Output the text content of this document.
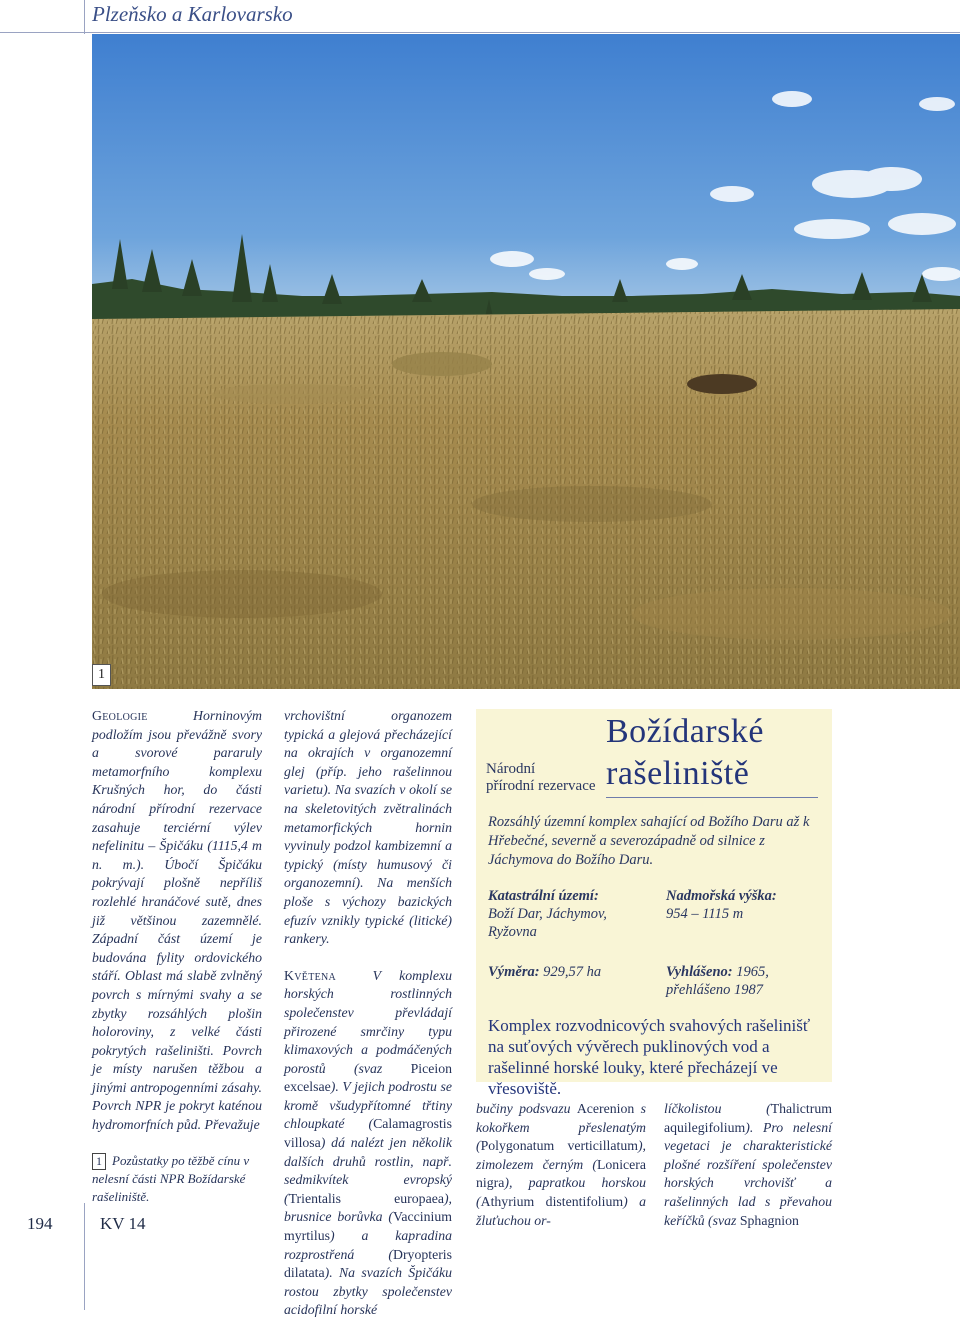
Plzeňsko a Karlovarsko
1
Geologie	Horninovým
podložím jsou převážně svory a svorové pararuly metamorfního komplexu Krušných hor, do části národní přírodní rezervace zasahuje terciérní výlev nefelinitu – Špičáku (1115,4 m n. m.). Úbočí Špičáku pokrývají plošně nepříliš rozlehlé hranáčové sutě, dnes již většinou zazemnělé. Západní část území je budována fylity ordovického stáří. Oblast má slabě zvlněný povrch s mírnými svahy a se zbytky rozsáhlých plošin holoroviny, z velké části pokrytých rašeliništi. Povrch je místy narušen těžbou a jinými antropogenními zásahy. Povrch NPR je pokryt katénou hydromorfních půd. Převažuje
1 Pozůstatky po těžbě cínu v nelesní části NPR Božídarské rašeliniště.
vrchovištní organozem typická a glejová přecházející na okrajích v organozemní glej (příp. jeho rašelinnou varietu). Na svazích v okolí se na skeletovitých zvětralinách metamorfických hornin vyvinuly podzol kambizemní a typický (místy humusový či organozemní). Na menších ploše s výchozy bazických efuzív vznikly typické (litické) rankery.
Květena	V komplexu horských rostlinných společenstev převládají přirozené smrčiny typu klimaxových a podmáčených porostů (svaz Piceion excelsae). V jejich podrostu se kromě všudypřítomné třtiny chloupkaté (Calamagrostis villosa) dá nalézt jen několik dalších druhů rostlin, např. sedmikvítek evropský (Trientalis europaea), brusnice borůvka (Vaccinium myrtilus) a kapradina rozprostřená (Dryopteris dilatata). Na svazích Špičáku rostou zbytky společenstev acidofilní horské
Národní
přírodní rezervace
Božídarské
rašeliniště
Rozsáhlý územní komplex sahající od Božího Daru až k Hřebečné, severně a severozápadně od silnice z Jáchymova do Božího Daru.
Katastrální území:
Boží Dar, Jáchymov, Ryžovna
Nadmořská výška:
954 – 1115 m
Výměra: 929,57 ha	Vyhlášeno: 1965,
přehlášeno 1987
Komplex rozvodnicových svahových rašelinišť na suťových vývěrech puklinových vod a rašelinné horské louky, které přecházejí ve vřesoviště.
bučiny podsvazu Acerenion s kokořkem přeslenatým (Polygonatum verticillatum), zimolezem černým (Lonicera nigra), papratkou horskou (Athyrium distentifolium) a žluťuchou or-
líčkolistou (Thalictrum aquilegifolium). Pro nelesní vegetaci je charakteristické plošné rozšíření společenstev horských vrchovišť a rašelinných lad s převahou keříčků (svaz Sphagnion
194	KV 14
